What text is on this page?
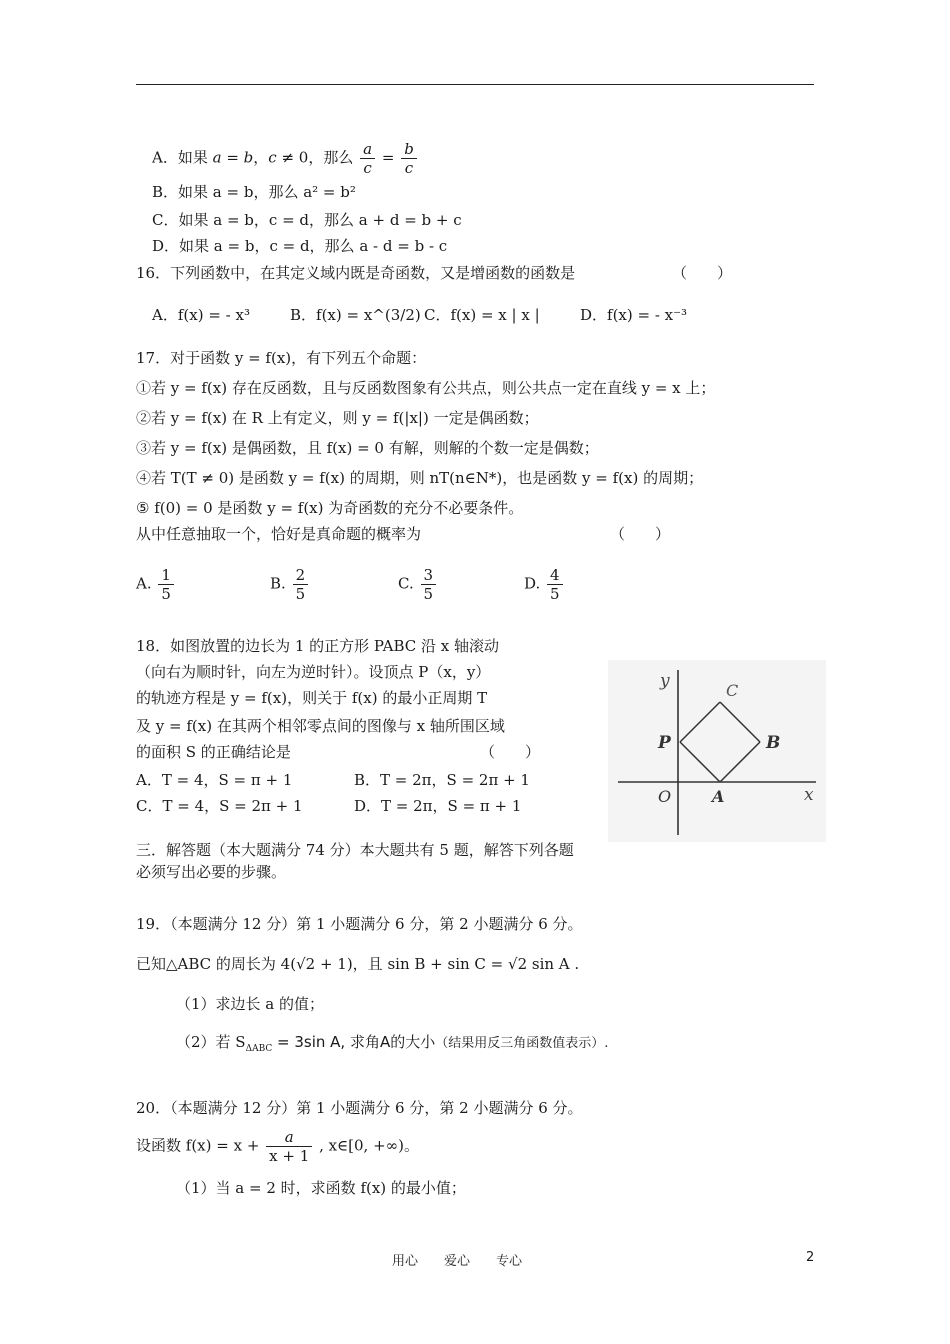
A．如果 a = b，c ≠ 0，那么 $\frac{a}{c} = \frac{b}{c}$
B．如果 a = b，那么 a² = b²
C．如果 a = b，c = d，那么 a + d = b + c
D．如果 a = b，c = d，那么 a - d = b - c
16．下列函数中，在其定义域内既是奇函数，又是增函数的函数是	（　　）
A．f(x) = - x³	B．f(x) = x^(3/2) C．f(x) = x | x |	D．f(x) = - x⁻³
17．对于函数 y = f(x)，有下列五个命题：
①若 y = f(x) 存在反函数，且与反函数图象有公共点，则公共点一定在直线 y = x 上；
②若 y = f(x) 在 R 上有定义，则 y = f(|x|) 一定是偶函数；
③若 y = f(x) 是偶函数，且 f(x) = 0 有解，则解的个数一定是偶数；
④若 T(T ≠ 0) 是函数 y = f(x) 的周期，则 nT(n∈N*)，也是函数 y = f(x) 的周期；
⑤ f(0) = 0 是函数 y = f(x) 为奇函数的充分不必要条件。
从中任意抽取一个，恰好是真命题的概率为	（　　）
A. $\frac{1}{5}$	B. $\frac{2}{5}$	C. $\frac{3}{5}$	D. $\frac{4}{5}$
18．如图放置的边长为 1 的正方形 PABC 沿 x 轴滚动
（向右为顺时针，向左为逆时针）。设顶点 P（x，y）
的轨迹方程是 y = f(x)，则关于 f(x) 的最小正周期 T
及 y = f(x) 在其两个相邻零点间的图像与 x 轴所围区域
的面积 S 的正确结论是	（　　）
A．T = 4，S = π + 1	B．T = 2π，S = 2π + 1
C．T = 4，S = 2π + 1	D．T = 2π，S = π + 1
y
x
O	A
B
C
P
三．解答题（本大题满分 74 分）本大题共有 5 题，解答下列各题
必须写出必要的步骤。
19．（本题满分 12 分）第 1 小题满分 6 分，第 2 小题满分 6 分。
已知△ABC 的周长为 4(√2 + 1)，且 sin B + sin C = √2 sin A .
（1）求边长 a 的值；
（2）若 $S_{\Delta ABC} = 3\sin$ A, 求角A的大小（结果用反三角函数值表示）.
20．（本题满分 12 分）第 1 小题满分 6 分，第 2 小题满分 6 分。
设函数 $f(x) = x + \frac{a}{x + 1}$ , x∈[0, +∞)。
（1）当 a = 2 时，求函数 f(x) 的最小值；
用心　　爱心　　专心	2
